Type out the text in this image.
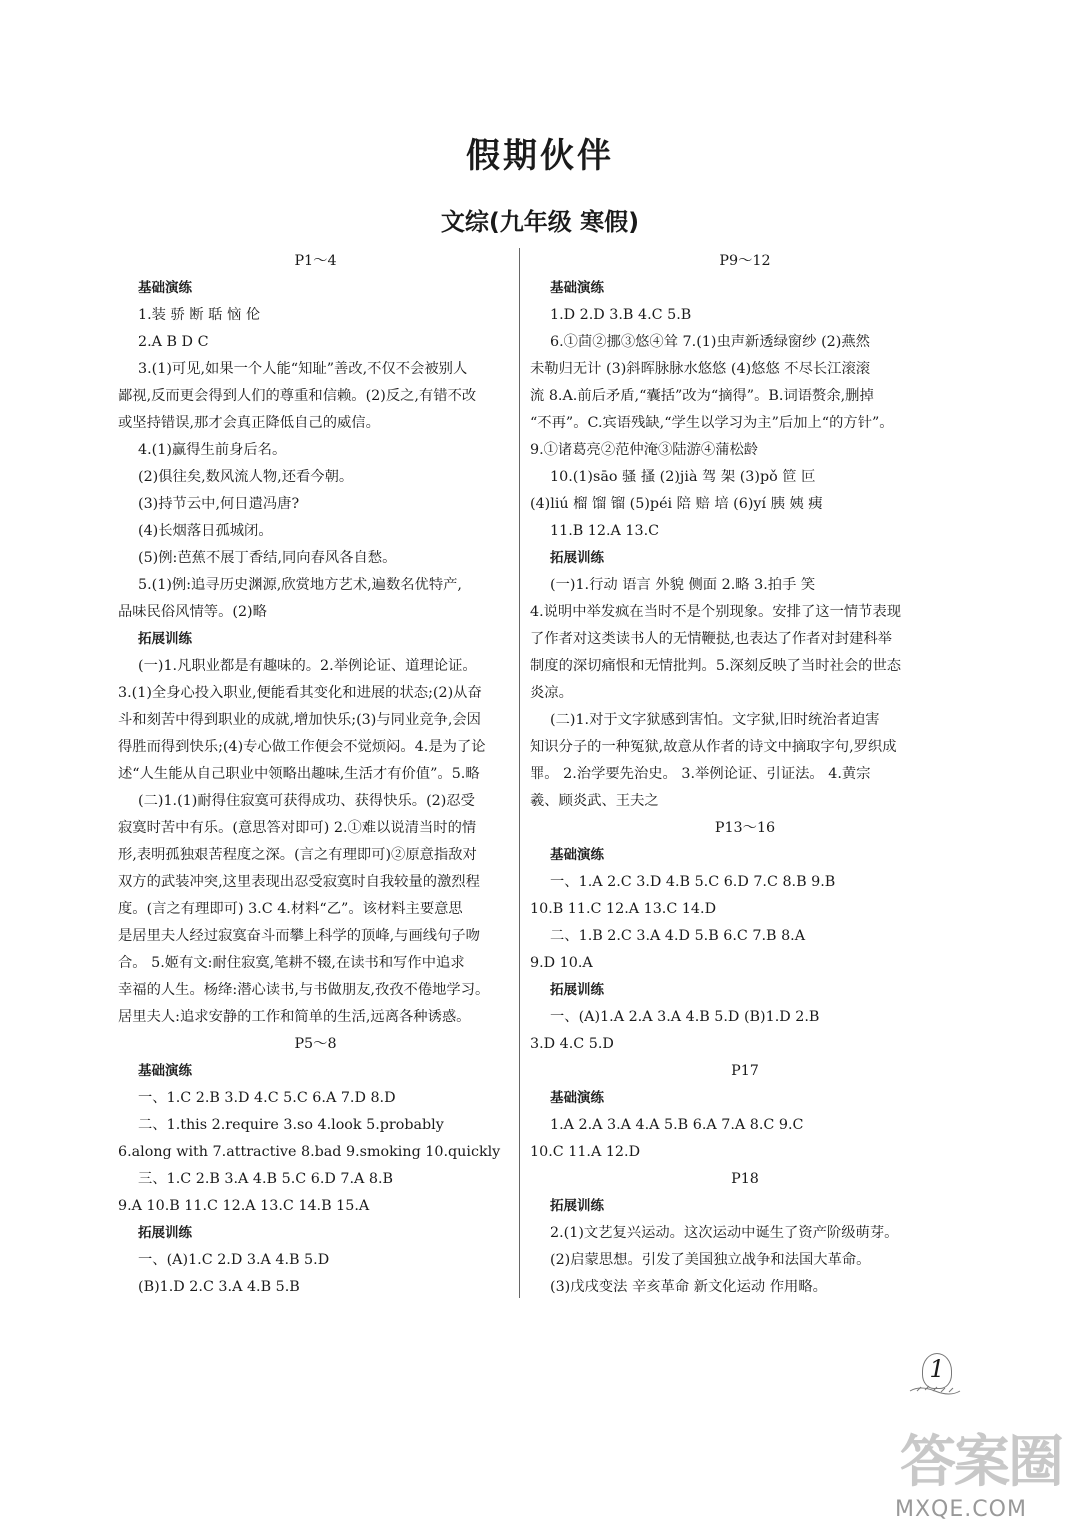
假期伙伴
文综(九年级 寒假)
P1～4
基础演练
1.装 骄 断 聒 恼 伦
2.A B D C
3.(1)可见,如果一个人能“知耻”善改,不仅不会被别人
鄙视,反而更会得到人们的尊重和信赖。(2)反之,有错不改
或坚持错误,那才会真正降低自己的威信。
4.(1)赢得生前身后名。
(2)俱往矣,数风流人物,还看今朝。
(3)持节云中,何日遣冯唐?
(4)长烟落日孤城闭。
(5)例:芭蕉不展丁香结,同向春风各自愁。
5.(1)例:追寻历史渊源,欣赏地方艺术,遍数名优特产,
品味民俗风情等。(2)略
拓展训练
(一)1.凡职业都是有趣味的。2.举例论证、道理论证。
3.(1)全身心投入职业,便能看其变化和进展的状态;(2)从奋
斗和刻苦中得到职业的成就,增加快乐;(3)与同业竞争,会因
得胜而得到快乐;(4)专心做工作便会不觉烦闷。4.是为了论
述“人生能从自己职业中领略出趣味,生活才有价值”。5.略
(二)1.(1)耐得住寂寞可获得成功、获得快乐。(2)忍受
寂寞时苦中有乐。(意思答对即可) 2.①难以说清当时的情
形,表明孤独艰苦程度之深。(言之有理即可)②原意指敌对
双方的武装冲突,这里表现出忍受寂寞时自我较量的激烈程
度。(言之有理即可) 3.C 4.材料“乙”。该材料主要意思
是居里夫人经过寂寞奋斗而攀上科学的顶峰,与画线句子吻
合。 5.姬有文:耐住寂寞,笔耕不辍,在读书和写作中追求
幸福的人生。杨绛:潜心读书,与书做朋友,孜孜不倦地学习。
居里夫人:追求安静的工作和简单的生活,远离各种诱惑。
P5～8
基础演练
一、1.C 2.B 3.D 4.C 5.C 6.A 7.D 8.D
二、1.this 2.require 3.so 4.look 5.probably
6.along with 7.attractive 8.bad 9.smoking 10.quickly
三、1.C 2.B 3.A 4.B 5.C 6.D 7.A 8.B
9.A 10.B 11.C 12.A 13.C 14.B 15.A
拓展训练
一、(A)1.C 2.D 3.A 4.B 5.D
(B)1.D 2.C 3.A 4.B 5.B
P9～12
基础演练
1.D 2.D 3.B 4.C 5.B
6.①茴②挪③悠④耸 7.(1)虫声新透绿窗纱 (2)燕然
未勒归无计 (3)斜晖脉脉水悠悠 (4)悠悠 不尽长江滚滚
流 8.A.前后矛盾,“囊括”改为“摘得”。B.词语赘余,删掉
“不再”。C.宾语残缺,“学生以学习为主”后加上“的方针”。
9.①诸葛亮②范仲淹③陆游④蒲松龄
10.(1)sāo 骚 搔 (2)jià 驾 架 (3)pǒ 笸 叵
(4)liú 榴 馏 镏 (5)péi 陪 赔 培 (6)yí 胰 姨 痍
11.B 12.A 13.C
拓展训练
(一)1.行动 语言 外貌 侧面 2.略 3.拍手 笑
4.说明中举发疯在当时不是个别现象。安排了这一情节表现
了作者对这类读书人的无情鞭挞,也表达了作者对封建科举
制度的深切痛恨和无情批判。5.深刻反映了当时社会的世态
炎凉。
(二)1.对于文字狱感到害怕。文字狱,旧时统治者迫害
知识分子的一种冤狱,故意从作者的诗文中摘取字句,罗织成
罪。 2.治学要先治史。 3.举例论证、引证法。 4.黄宗
羲、顾炎武、王夫之
P13～16
基础演练
一、1.A 2.C 3.D 4.B 5.C 6.D 7.C 8.B 9.B
10.B 11.C 12.A 13.C 14.D
二、1.B 2.C 3.A 4.D 5.B 6.C 7.B 8.A
9.D 10.A
拓展训练
一、(A)1.A 2.A 3.A 4.B 5.D (B)1.D 2.B
3.D 4.C 5.D
P17
基础演练
1.A 2.A 3.A 4.A 5.B 6.A 7.A 8.C 9.C
10.C 11.A 12.D
P18
拓展训练
2.(1)文艺复兴运动。这次运动中诞生了资产阶级萌芽。
(2)启蒙思想。引发了美国独立战争和法国大革命。
(3)戊戌变法 辛亥革命 新文化运动 作用略。
1
答案圈
MXQE.COM
